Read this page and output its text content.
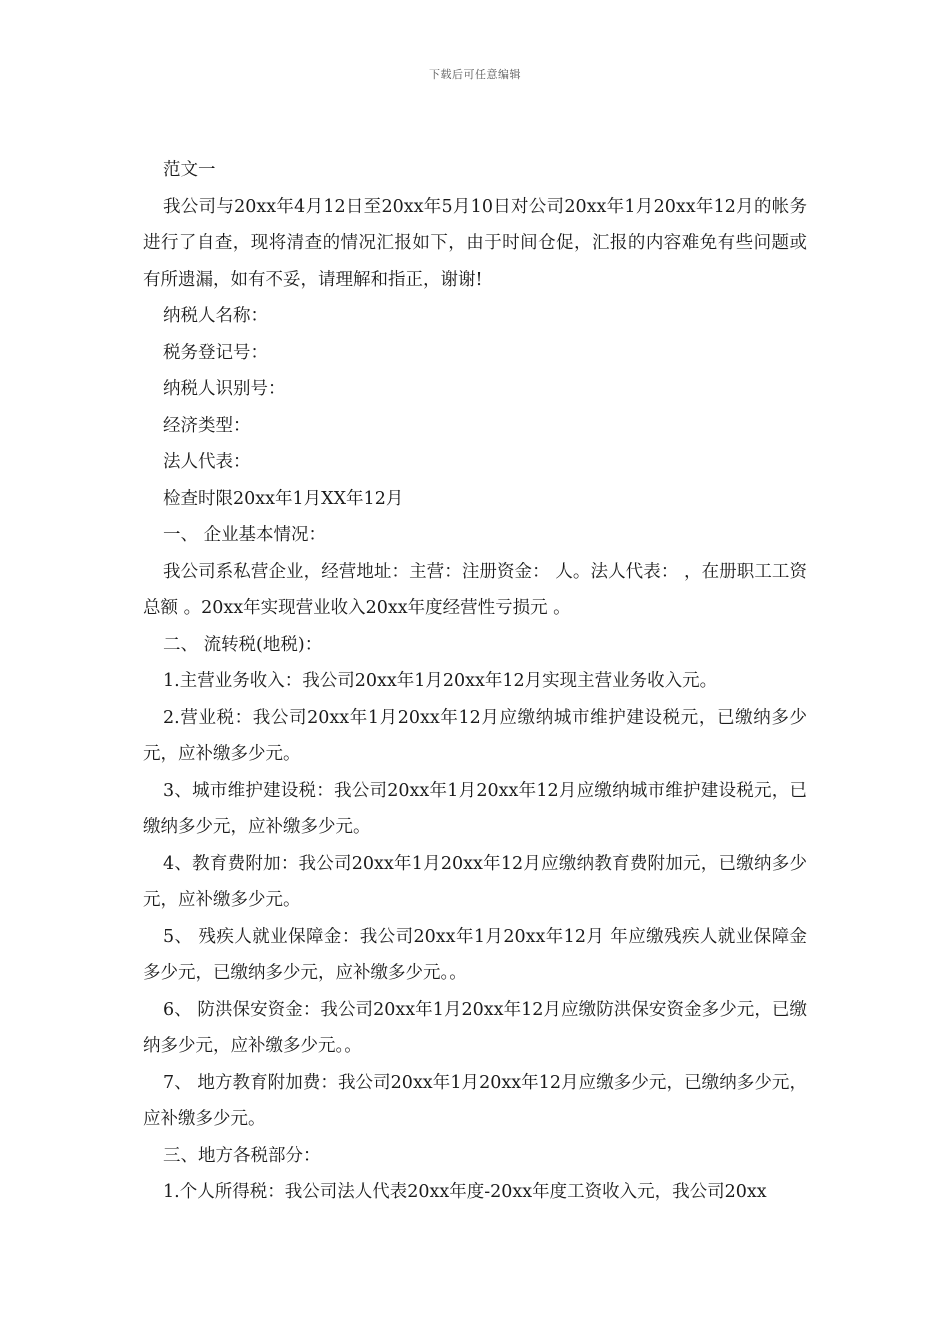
下载后可任意编辑

范文一

我公司与20xx年4月12日至20xx年5月10日对公司20xx年1月20xx年12月的帐务进行了自查，现将清查的情况汇报如下，由于时间仓促，汇报的内容难免有些问题或有所遗漏，如有不妥，请理解和指正，谢谢!

纳税人名称：

税务登记号：

纳税人识别号：

经济类型：

法人代表：

检查时限20xx年1月XX年12月

一、 企业基本情况：

我公司系私营企业，经营地址：主营：注册资金： 人。法人代表： ，在册职工工资总额 。20xx年实现营业收入20xx年度经营性亏损元 。

二、 流转税(地税)：

1.主营业务收入：我公司20xx年1月20xx年12月实现主营业务收入元。

2.营业税：我公司20xx年1月20xx年12月应缴纳城市维护建设税元，已缴纳多少元，应补缴多少元。

3、城市维护建设税：我公司20xx年1月20xx年12月应缴纳城市维护建设税元，已缴纳多少元，应补缴多少元。

4、教育费附加：我公司20xx年1月20xx年12月应缴纳教育费附加元，已缴纳多少元，应补缴多少元。

5、 残疾人就业保障金：我公司20xx年1月20xx年12月 年应缴残疾人就业保障金多少元，已缴纳多少元，应补缴多少元。。

6、 防洪保安资金：我公司20xx年1月20xx年12月应缴防洪保安资金多少元，已缴纳多少元，应补缴多少元。。

7、 地方教育附加费：我公司20xx年1月20xx年12月应缴多少元，已缴纳多少元，应补缴多少元。

三、地方各税部分：

1.个人所得税：我公司法人代表20xx年度-20xx年度工资收入元，我公司20xx
